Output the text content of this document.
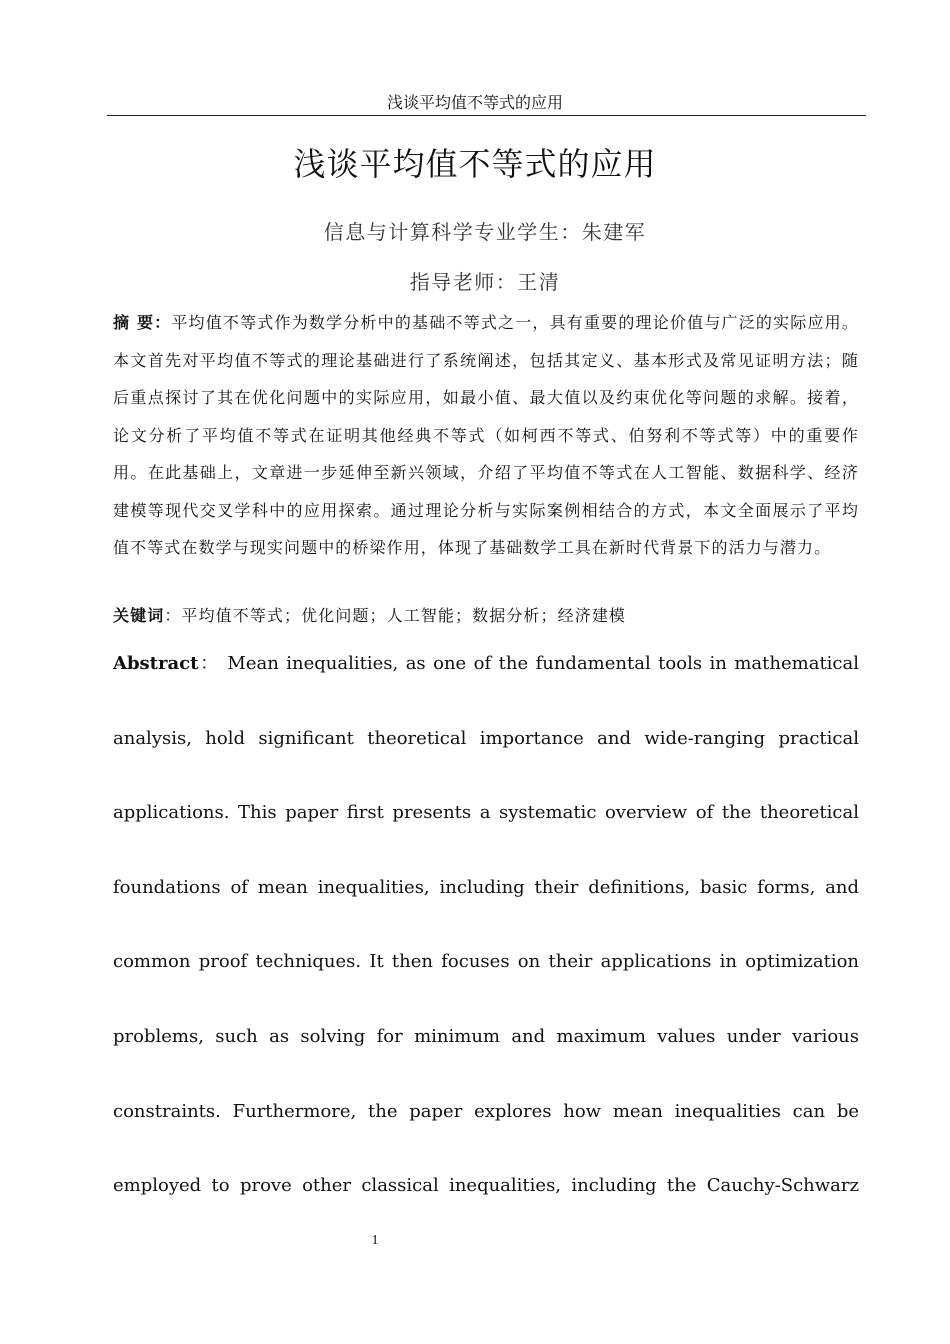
浅谈平均值不等式的应用
浅谈平均值不等式的应用
信息与计算科学专业学生：朱建军
指导老师：王清
摘 要：平均值不等式作为数学分析中的基础不等式之一，具有重要的理论价值与广泛的实际应用。本文首先对平均值不等式的理论基础进行了系统阐述，包括其定义、基本形式及常见证明方法；随后重点探讨了其在优化问题中的实际应用，如最小值、最大值以及约束优化等问题的求解。接着，论文分析了平均值不等式在证明其他经典不等式（如柯西不等式、伯努利不等式等）中的重要作用。在此基础上，文章进一步延伸至新兴领域，介绍了平均值不等式在人工智能、数据科学、经济建模等现代交叉学科中的应用探索。通过理论分析与实际案例相结合的方式，本文全面展示了平均值不等式在数学与现实问题中的桥梁作用，体现了基础数学工具在新时代背景下的活力与潜力。
关键词：平均值不等式；优化问题；人工智能；数据分析；经济建模
Abstract： Mean inequalities, as one of the fundamental tools in mathematical analysis, hold significant theoretical importance and wide-ranging practical applications. This paper first presents a systematic overview of the theoretical foundations of mean inequalities, including their definitions, basic forms, and common proof techniques. It then focuses on their applications in optimization problems, such as solving for minimum and maximum values under various constraints. Furthermore, the paper explores how mean inequalities can be employed to prove other classical inequalities, including the Cauchy-Schwarz
1
